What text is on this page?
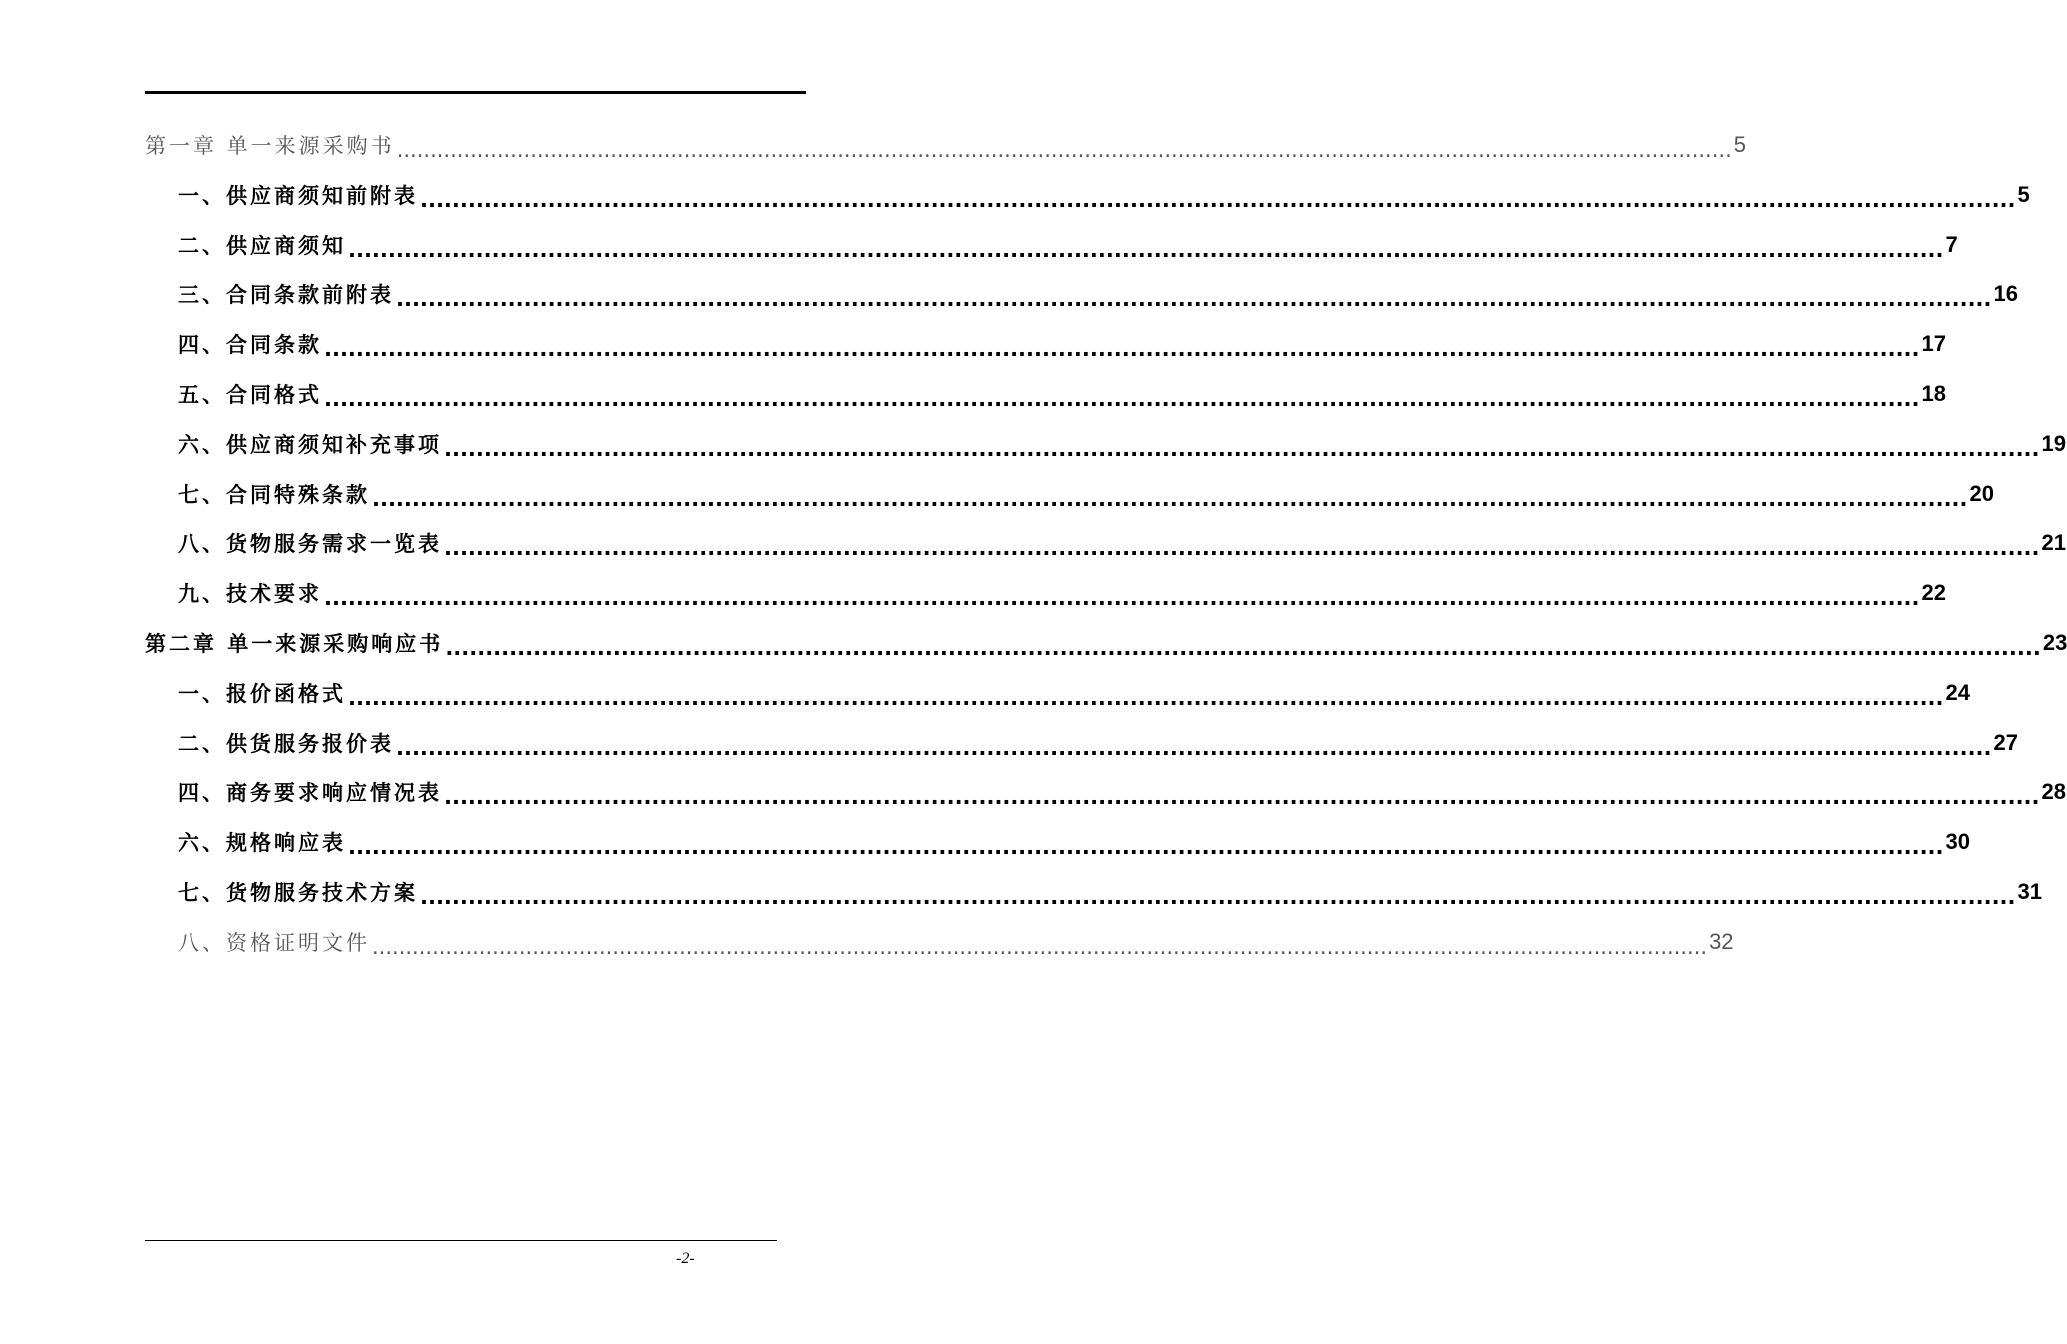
第一章 单一来源采购书 ........................................................................................................................................................................................................ 5
一、供应商须知前附表 ........................................................................................................................................................................................................ 5
二、供应商须知 ........................................................................................................................................................................................................ 7
三、合同条款前附表 ........................................................................................................................................................................................................ 16
四、合同条款 ........................................................................................................................................................................................................ 17
五、合同格式 ........................................................................................................................................................................................................ 18
六、供应商须知补充事项 ........................................................................................................................................................................................................ 19
七、合同特殊条款 ........................................................................................................................................................................................................ 20
八、货物服务需求一览表 ........................................................................................................................................................................................................ 21
九、技术要求 ........................................................................................................................................................................................................ 22
第二章 单一来源采购响应书 ........................................................................................................................................................................................................ 23
一、报价函格式 ........................................................................................................................................................................................................ 24
二、供货服务报价表 ........................................................................................................................................................................................................ 27
四、商务要求响应情况表 ........................................................................................................................................................................................................ 28
六、规格响应表 ........................................................................................................................................................................................................ 30
七、货物服务技术方案 ........................................................................................................................................................................................................ 31
八、资格证明文件 ........................................................................................................................................................................................................ 32
-2-
